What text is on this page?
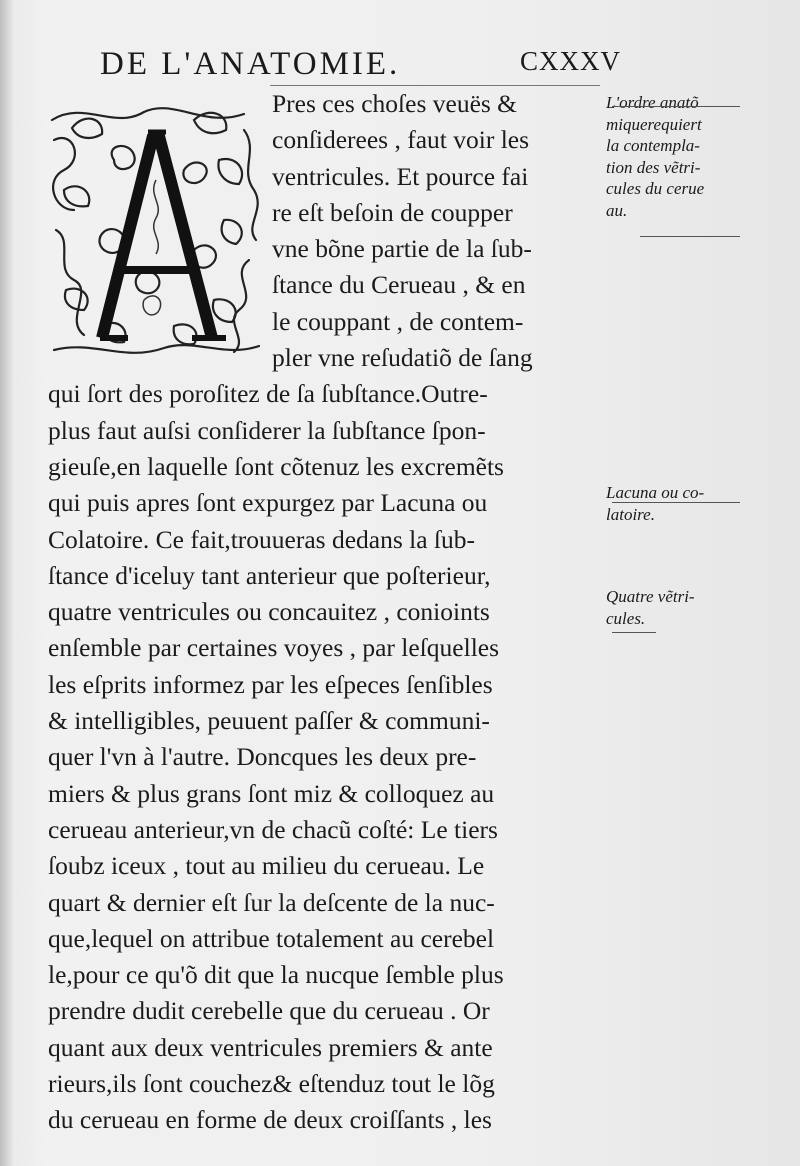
DE L'ANATOMIE.	CXXXV
Pres ces choſes veuës &
conſiderees , faut voir les
ventricules. Et pource fai
re eſt beſoin de coupper
vne bõne partie de la ſub-
ſtance du Cerueau , & en
le couppant , de contem-
pler vne reſudatiõ de ſang
qui ſort des poroſitez de ſa ſubſtance.Outre-
plus faut auſsi conſiderer la ſubſtance ſpon-
gieuſe,en laquelle ſont cõtenuz les excremẽts
qui puis apres ſont expurgez par Lacuna ou
Colatoire. Ce fait,trouueras dedans la ſub-
ſtance d'iceluy tant anterieur que poſterieur,
quatre ventricules ou concauitez , conioints
enſemble par certaines voyes , par leſquelles
les eſprits informez par les eſpeces ſenſibles
& intelligibles, peuuent paſſer & communi-
quer l'vn à l'autre. Doncques les deux pre-
miers & plus grans ſont miz & colloquez au
cerueau anterieur,vn de chacũ coſté: Le tiers
ſoubz iceux , tout au milieu du cerueau. Le
quart & dernier eſt ſur la deſcente de la nuc-
que,lequel on attribue totalement au cerebel
le,pour ce qu'õ dit que la nucque ſemble plus
prendre dudit cerebelle que du cerueau . Or
quant aux deux ventricules premiers & ante
rieurs,ils ſont couchez& eſtenduz tout le lõg
du cerueau en forme de deux croiſſants , les
L'ordre anatõ
miquerequiert
la contempla-
tion des vẽtri-
cules du cerue
au.
Lacuna ou co-
latoire.
Quatre vẽtri-
cules.
